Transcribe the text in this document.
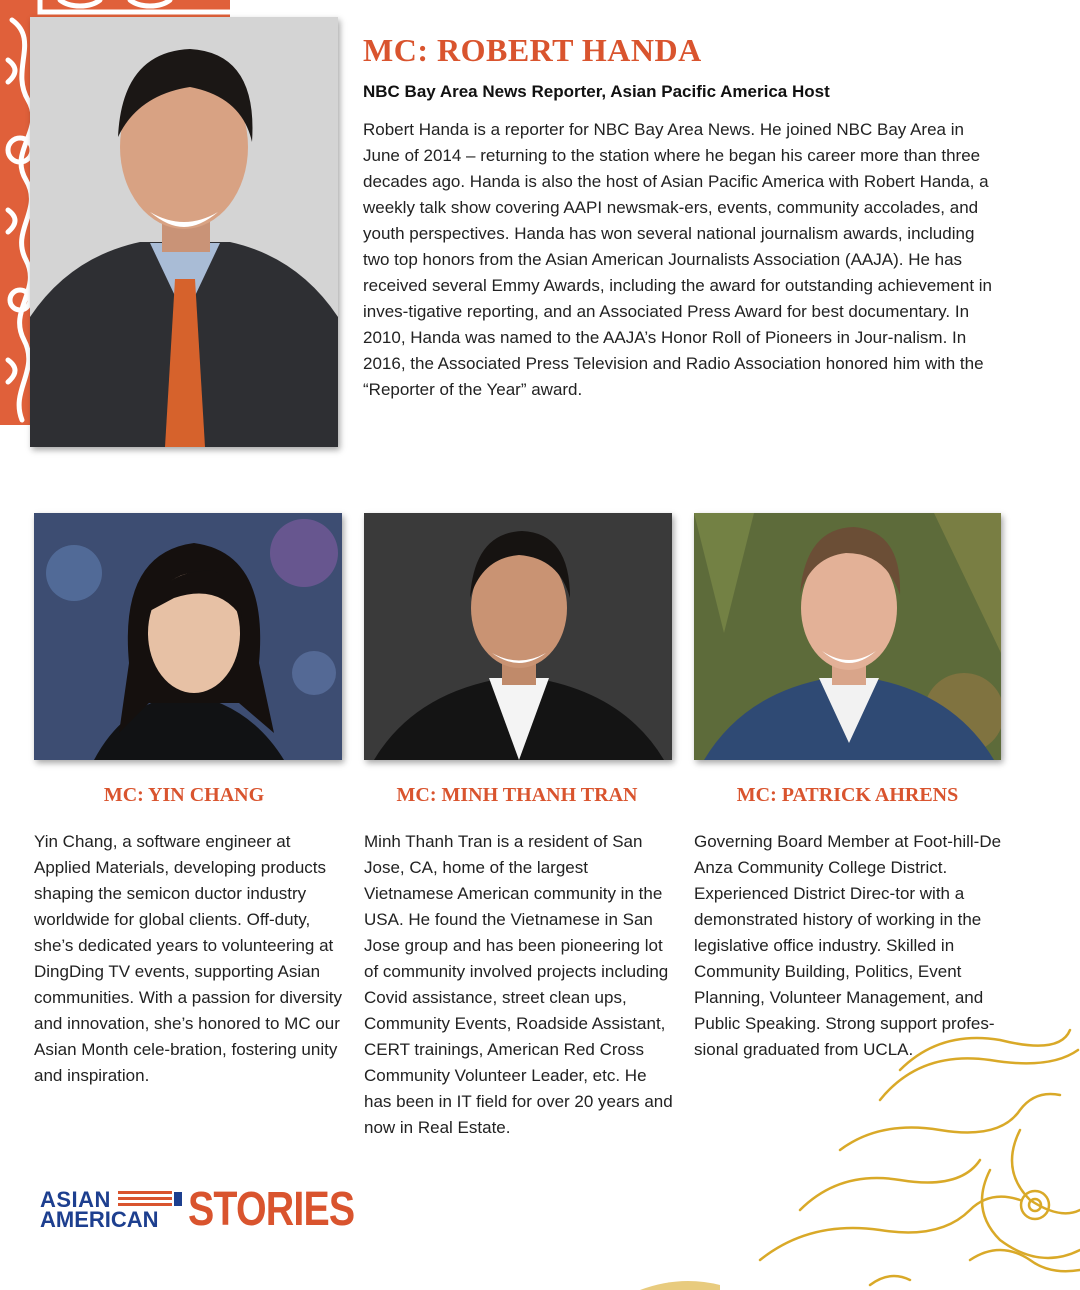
MC: ROBERT HANDA

NBC Bay Area News Reporter, Asian Pacific America Host

Robert Handa is a reporter for NBC Bay Area News. He joined NBC Bay Area in June of 2014 – returning to the station where he began his career more than three decades ago. Handa is also the host of Asian Pacific America with Robert Handa, a weekly talk show covering AAPI newsmak-ers, events, community accolades, and youth perspectives. Handa has won several national journalism awards, including two top honors from the Asian American Journalists Association (AAJA). He has received several Emmy Awards, including the award for outstanding achievement in inves-tigative reporting, and an Associated Press Award for best documentary. In 2010, Handa was named to the AAJA’s Honor Roll of Pioneers in Jour-nalism. In 2016, the Associated Press Television and Radio Association honored him with the “Reporter of the Year” award.

MC: YIN CHANG	MC: MINH THANH TRAN	MC: PATRICK AHRENS

Yin Chang, a software engineer at Applied Materials, developing products shaping the semicon ductor industry worldwide for global clients. Off-duty, she’s dedicated years to volunteering at DingDing TV events, supporting Asian communities. With a passion for diversity and innovation, she’s honored to MC our Asian Month cele-bration, fostering unity and inspiration.

Minh Thanh Tran is a resident of San Jose, CA, home of the largest Vietnamese American community in the USA. He found the Vietnamese in San Jose group and has been pioneering lot of community involved projects including Covid assistance, street clean ups, Community Events, Roadside Assistant, CERT trainings, American Red Cross Community Volunteer Leader, etc. He has been in IT field for over 20 years and now in Real Estate.

Governing Board Member at Foot-hill-De Anza Community College District. Experienced District Direc-tor with a demonstrated history of working in the legislative office industry. Skilled in Community Building, Politics, Event Planning, Volunteer Management, and Public Speaking. Strong support profes-sional graduated from UCLA.

ASIAN

AMERICAN STORIES
